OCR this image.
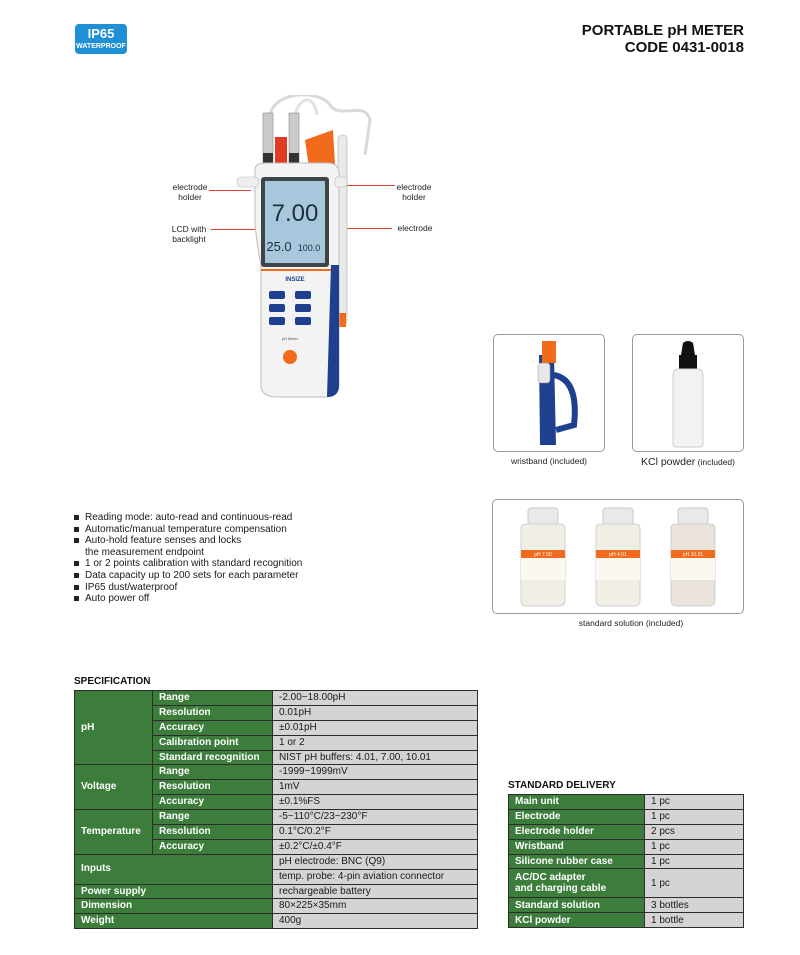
IP65
WATERPROOF
PORTABLE pH METER
CODE 0431-0018
electrode
holder
LCD with
backlight
electrode
holder
electrode
7.00
25.0 100.0
INSIZE
pH Meter
wristband (included)	KCl powder (included)
pH 7.00	pH 4.01	pH 10.01
standard solution (included)
Reading mode: auto-read and continuous-read
Automatic/manual temperature compensation
Auto-hold feature senses and locks
the measurement endpoint
1 or 2 points calibration with standard recognition
Data capacity up to 200 sets for each parameter
IP65 dust/waterproof
Auto power off
SPECIFICATION
pH	Range	-2.00~18.00pH
	Resolution	0.01pH
	Accuracy	±0.01pH
	Calibration point	1 or 2
	Standard recognition	NIST pH buffers: 4.01, 7.00, 10.01
Voltage	Range	-1999~1999mV
	Resolution	1mV
	Accuracy	±0.1%FS
Temperature	Range	-5~110°C/23~230°F
	Resolution	0.1°C/0.2°F
	Accuracy	±0.2°C/±0.4°F
Inputs		pH electrode: BNC (Q9)
		temp. probe: 4-pin aviation connector
Power supply		rechargeable battery
Dimension		80×225×35mm
Weight		400g
STANDARD DELIVERY
Main unit	1 pc
Electrode	1 pc
Electrode holder	2 pcs
Wristband	1 pc
Silicone rubber case	1 pc

AC/DC adapter
and charging cable	1 pc
Standard solution	3 bottles
KCl powder	1 bottle
